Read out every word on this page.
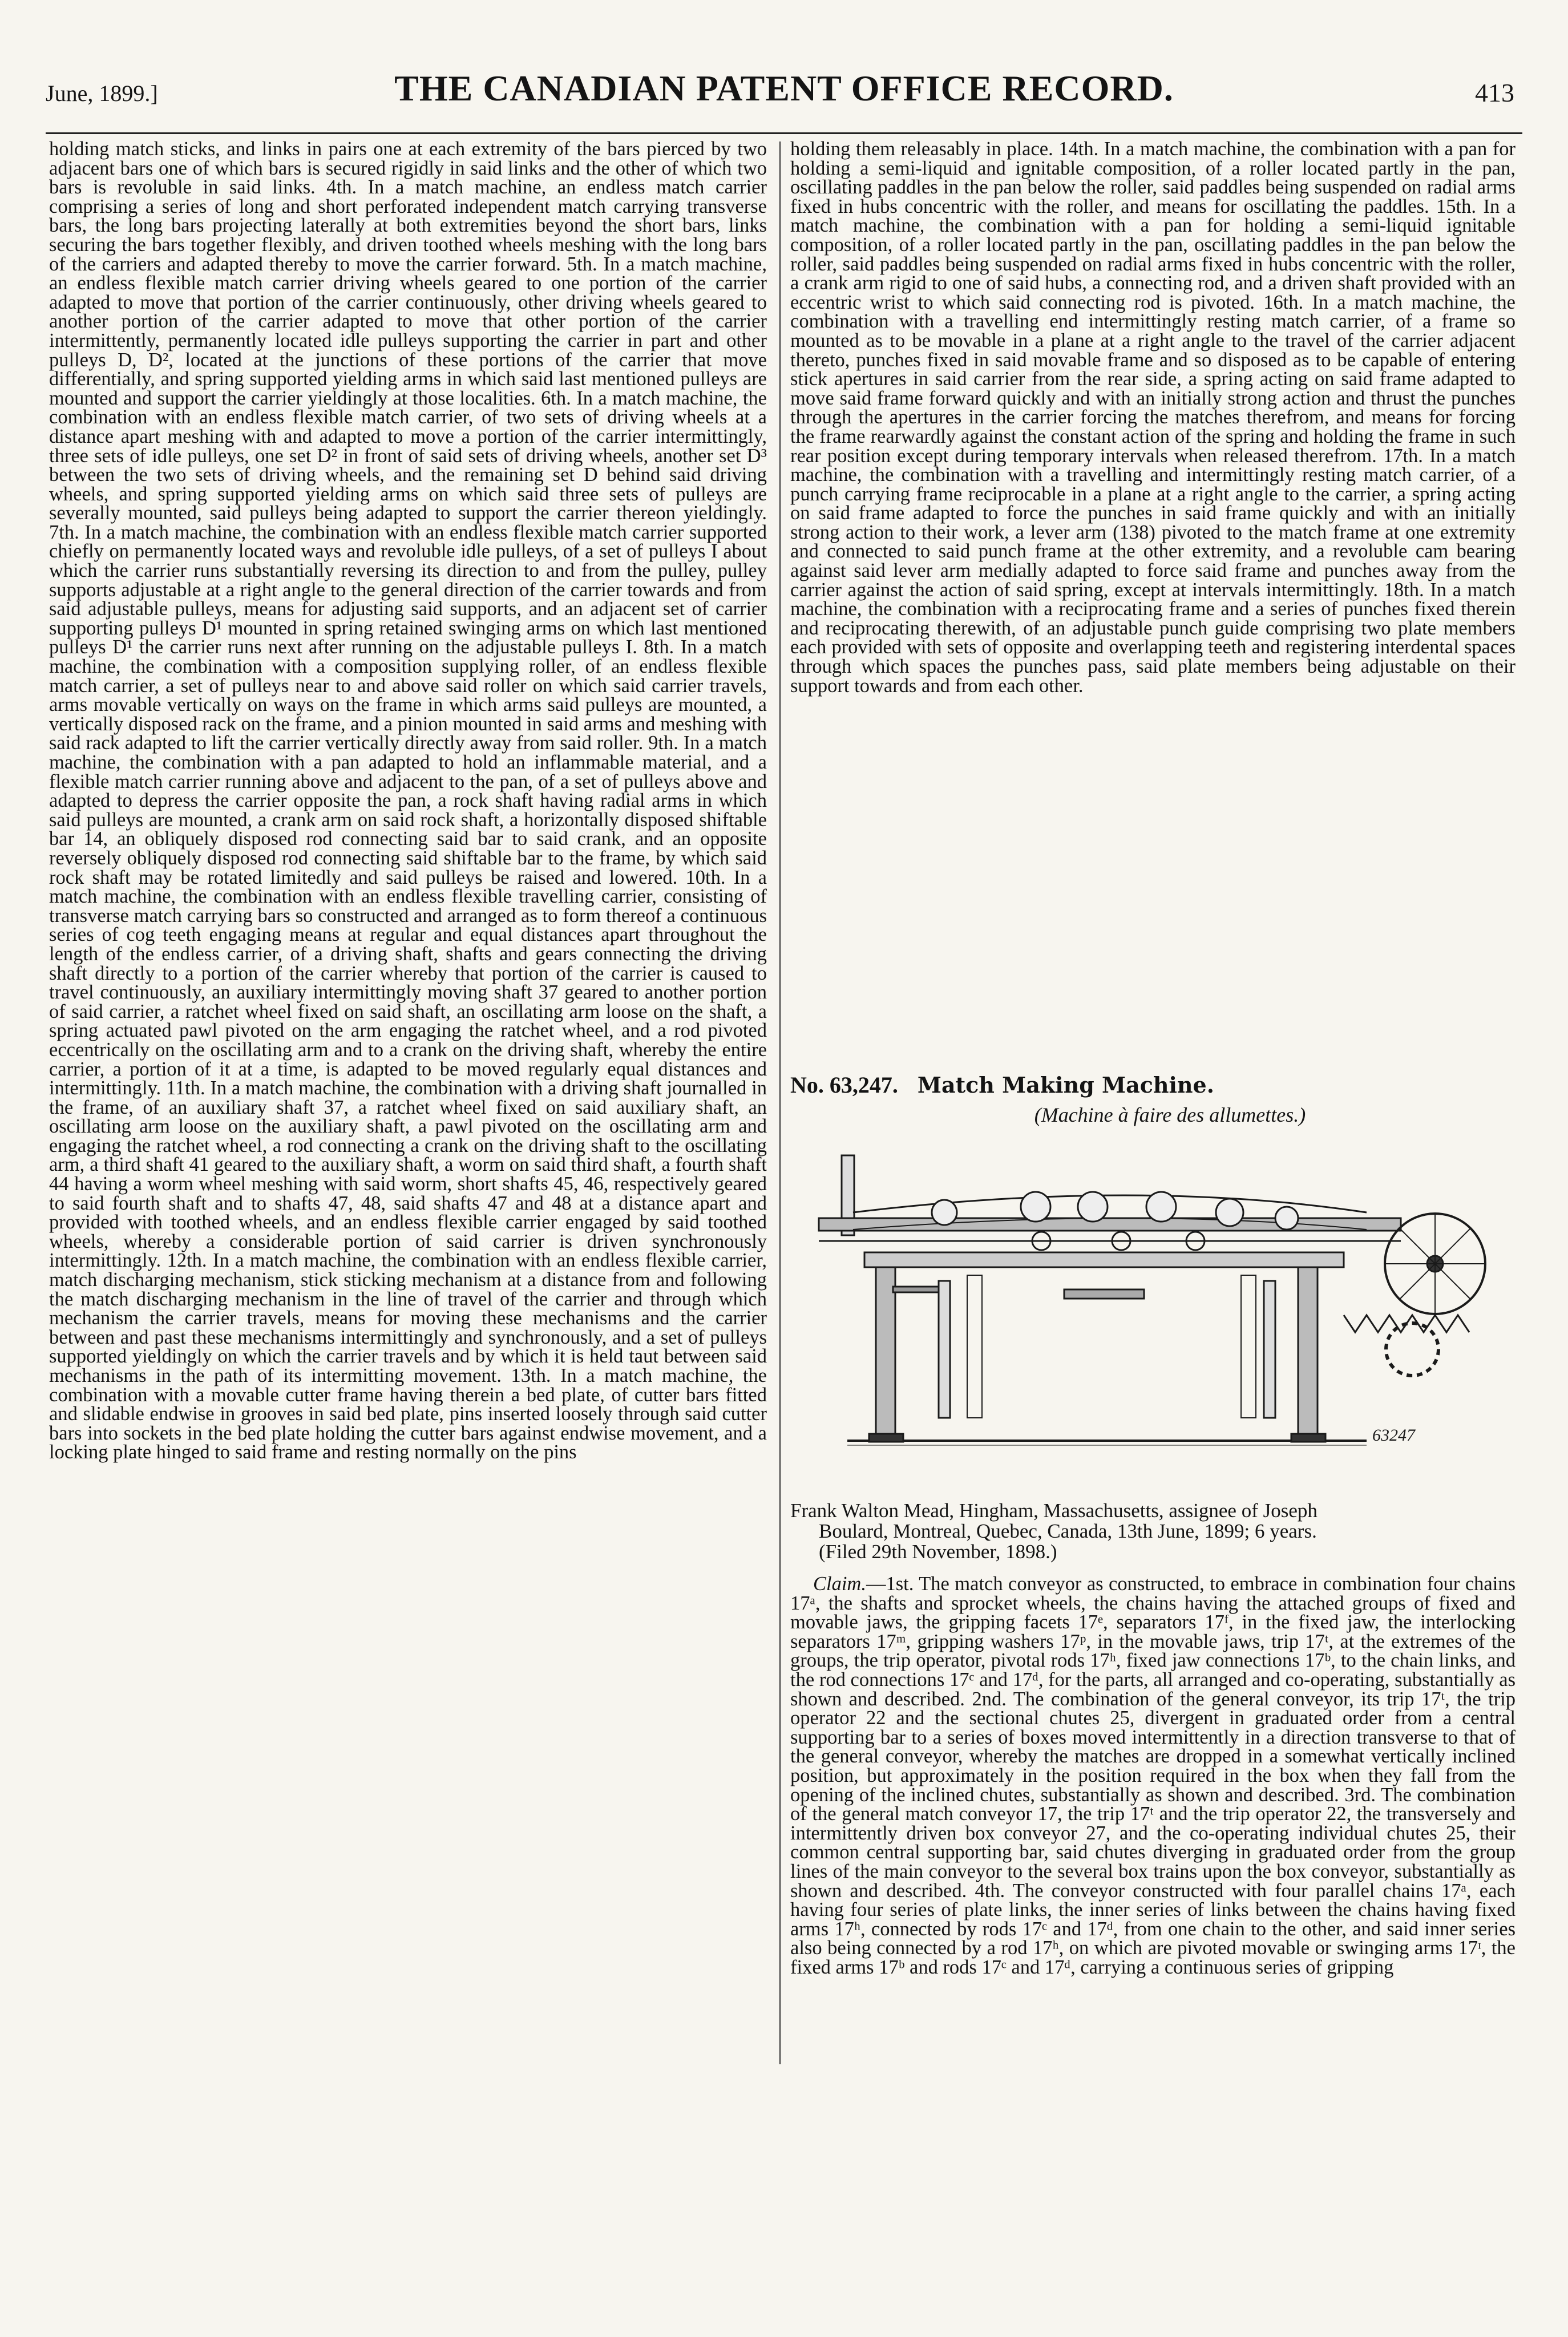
June, 1899.]	THE CANADIAN PATENT OFFICE RECORD.	413

holding match sticks, and links in pairs one at each extremity of the bars pierced by two adjacent bars one of which bars is secured rigidly in said links and the other of which two bars is revoluble in said links. 4th. In a match machine, an endless match carrier comprising a series of long and short perforated independent match carrying transverse bars, the long bars projecting laterally at both extremities beyond the short bars, links securing the bars together flexibly, and driven toothed wheels meshing with the long bars of the carriers and adapted thereby to move the carrier forward. 5th. In a match machine, an endless flexible match carrier driving wheels geared to one portion of the carrier adapted to move that portion of the carrier continuously, other driving wheels geared to another portion of the carrier adapted to move that other portion of the carrier intermittently, permanently located idle pulleys supporting the carrier in part and other pulleys D, D², located at the junctions of these portions of the carrier that move differentially, and spring supported yielding arms in which said last mentioned pulleys are mounted and support the carrier yieldingly at those localities. 6th. In a match machine, the combination with an endless flexible match carrier, of two sets of driving wheels at a distance apart meshing with and adapted to move a portion of the carrier intermittingly, three sets of idle pulleys, one set D² in front of said sets of driving wheels, another set D³ between the two sets of driving wheels, and the remaining set D behind said driving wheels, and spring supported yielding arms on which said three sets of pulleys are severally mounted, said pulleys being adapted to support the carrier thereon yieldingly. 7th. In a match machine, the combination with an endless flexible match carrier supported chiefly on permanently located ways and revoluble idle pulleys, of a set of pulleys I about which the carrier runs substantially reversing its direction to and from the pulley, pulley supports adjustable at a right angle to the general direction of the carrier towards and from said adjustable pulleys, means for adjusting said supports, and an adjacent set of carrier supporting pulleys D¹ mounted in spring retained swinging arms on which last mentioned pulleys D¹ the carrier runs next after running on the adjustable pulleys I. 8th. In a match machine, the combination with a composition supplying roller, of an endless flexible match carrier, a set of pulleys near to and above said roller on which said carrier travels, arms movable vertically on ways on the frame in which arms said pulleys are mounted, a vertically disposed rack on the frame, and a pinion mounted in said arms and meshing with said rack adapted to lift the carrier vertically directly away from said roller. 9th. In a match machine, the combination with a pan adapted to hold an inflammable material, and a flexible match carrier running above and adjacent to the pan, of a set of pulleys above and adapted to depress the carrier opposite the pan, a rock shaft having radial arms in which said pulleys are mounted, a crank arm on said rock shaft, a horizontally disposed shiftable bar 14, an obliquely disposed rod connecting said bar to said crank, and an opposite reversely obliquely disposed rod connecting said shiftable bar to the frame, by which said rock shaft may be rotated limitedly and said pulleys be raised and lowered. 10th. In a match machine, the combination with an endless flexible travelling carrier, consisting of transverse match carrying bars so constructed and arranged as to form thereof a continuous series of cog teeth engaging means at regular and equal distances apart throughout the length of the endless carrier, of a driving shaft, shafts and gears connecting the driving shaft directly to a portion of the carrier whereby that portion of the carrier is caused to travel continuously, an auxiliary intermittingly moving shaft 37 geared to another portion of said carrier, a ratchet wheel fixed on said shaft, an oscillating arm loose on the shaft, a spring actuated pawl pivoted on the arm engaging the ratchet wheel, and a rod pivoted eccentrically on the oscillating arm and to a crank on the driving shaft, whereby the entire carrier, a portion of it at a time, is adapted to be moved regularly equal distances and intermittingly. 11th. In a match machine, the combination with a driving shaft journalled in the frame, of an auxiliary shaft 37, a ratchet wheel fixed on said auxiliary shaft, an oscillating arm loose on the auxiliary shaft, a pawl pivoted on the oscillating arm and engaging the ratchet wheel, a rod connecting a crank on the driving shaft to the oscillating arm, a third shaft 41 geared to the auxiliary shaft, a worm on said third shaft, a fourth shaft 44 having a worm wheel meshing with said worm, short shafts 45, 46, respectively geared to said fourth shaft and to shafts 47, 48, said shafts 47 and 48 at a distance apart and provided with toothed wheels, and an endless flexible carrier engaged by said toothed wheels, whereby a considerable portion of said carrier is driven synchronously intermittingly. 12th. In a match machine, the combination with an endless flexible carrier, match discharging mechanism, stick sticking mechanism at a distance from and following the match discharging mechanism in the line of travel of the carrier and through which mechanism the carrier travels, means for moving these mechanisms and the carrier between and past these mechanisms intermittingly and synchronously, and a set of pulleys supported yieldingly on which the carrier travels and by which it is held taut between said mechanisms in the path of its intermitting movement. 13th. In a match machine, the combination with a movable cutter frame having therein a bed plate, of cutter bars fitted and slidable endwise in grooves in said bed plate, pins inserted loosely through said cutter bars into sockets in the bed plate holding the cutter bars against endwise movement, and a locking plate hinged to said frame and resting normally on the pins

holding them releasably in place. 14th. In a match machine, the combination with a pan for holding a semi-liquid and ignitable composition, of a roller located partly in the pan, oscillating paddles in the pan below the roller, said paddles being suspended on radial arms fixed in hubs concentric with the roller, and means for oscillating the paddles. 15th. In a match machine, the combination with a pan for holding a semi-liquid ignitable composition, of a roller located partly in the pan, oscillating paddles in the pan below the roller, said paddles being suspended on radial arms fixed in hubs concentric with the roller, a crank arm rigid to one of said hubs, a connecting rod, and a driven shaft provided with an eccentric wrist to which said connecting rod is pivoted. 16th. In a match machine, the combination with a travelling end intermittingly resting match carrier, of a frame so mounted as to be movable in a plane at a right angle to the travel of the carrier adjacent thereto, punches fixed in said movable frame and so disposed as to be capable of entering stick apertures in said carrier from the rear side, a spring acting on said frame adapted to move said frame forward quickly and with an initially strong action and thrust the punches through the apertures in the carrier forcing the matches therefrom, and means for forcing the frame rearwardly against the constant action of the spring and holding the frame in such rear position except during temporary intervals when released therefrom. 17th. In a match machine, the combination with a travelling and intermittingly resting match carrier, of a punch carrying frame reciprocable in a plane at a right angle to the carrier, a spring acting on said frame adapted to force the punches in said frame quickly and with an initially strong action to their work, a lever arm (138) pivoted to the match frame at one extremity and connected to said punch frame at the other extremity, and a revoluble cam bearing against said lever arm medially adapted to force said frame and punches away from the carrier against the action of said spring, except at intervals intermittingly. 18th. In a match machine, the combination with a reciprocating frame and a series of punches fixed therein and reciprocating therewith, of an adjustable punch guide comprising two plate members each provided with sets of opposite and overlapping teeth and registering interdental spaces through which spaces the punches pass, said plate members being adjustable on their support towards and from each other.

No. 63,247. Match Making Machine.
(Machine à faire des allumettes.)
63247
Frank Walton Mead, Hingham, Massachusetts, assignee of Joseph
Boulard, Montreal, Quebec, Canada, 13th June, 1899; 6 years.
(Filed 29th November, 1898.)

Claim.—1st. The match conveyor as constructed, to embrace in combination four chains 17ᵃ, the shafts and sprocket wheels, the chains having the attached groups of fixed and movable jaws, the gripping facets 17ᵉ, separators 17ᶠ, in the fixed jaw, the interlocking separators 17ᵐ, gripping washers 17ᵖ, in the movable jaws, trip 17ᵗ, at the extremes of the groups, the trip operator, pivotal rods 17ʰ, fixed jaw connections 17ᵇ, to the chain links, and the rod connections 17ᶜ and 17ᵈ, for the parts, all arranged and co-operating, substantially as shown and described. 2nd. The combination of the general conveyor, its trip 17ᵗ, the trip operator 22 and the sectional chutes 25, divergent in graduated order from a central supporting bar to a series of boxes moved intermittently in a direction transverse to that of the general conveyor, whereby the matches are dropped in a somewhat vertically inclined position, but approximately in the position required in the box when they fall from the opening of the inclined chutes, substantially as shown and described. 3rd. The combination of the general match conveyor 17, the trip 17ᵗ and the trip operator 22, the transversely and intermittently driven box conveyor 27, and the co-operating individual chutes 25, their common central supporting bar, said chutes diverging in graduated order from the group lines of the main conveyor to the several box trains upon the box conveyor, substantially as shown and described. 4th. The conveyor constructed with four parallel chains 17ᵃ, each having four series of plate links, the inner series of links between the chains having fixed arms 17ʰ, connected by rods 17ᶜ and 17ᵈ, from one chain to the other, and said inner series also being connected by a rod 17ʰ, on which are pivoted movable or swinging arms 17ᶦ, the fixed arms 17ᵇ and rods 17ᶜ and 17ᵈ, carrying a continuous series of gripping
